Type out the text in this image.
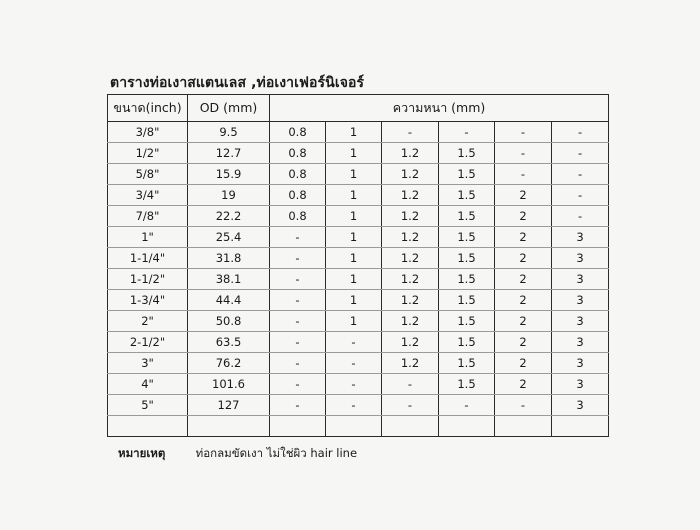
ตารางท่อเงาสแตนเลส ,ท่อเงาเฟอร์นิเจอร์
ขนาด(inch)	OD (mm)	ความหนา (mm)					
3/8"	9.5	0.8	1	-	-	-	-
1/2"	12.7	0.8	1	1.2	1.5	-	-
5/8"	15.9	0.8	1	1.2	1.5	-	-
3/4"	19	0.8	1	1.2	1.5	2	-
7/8"	22.2	0.8	1	1.2	1.5	2	-
1"	25.4	-	1	1.2	1.5	2	3
1-1/4"	31.8	-	1	1.2	1.5	2	3
1-1/2"	38.1	-	1	1.2	1.5	2	3
1-3/4"	44.4	-	1	1.2	1.5	2	3
2"	50.8	-	1	1.2	1.5	2	3
2-1/2"	63.5	-	-	1.2	1.5	2	3
3"	76.2	-	-	1.2	1.5	2	3
4"	101.6	-	-	-	1.5	2	3
5"	127	-	-	-	-	-	3

หมายเหตุ	ท่อกลมขัดเงา ไม่ใช่ผิว hair line
